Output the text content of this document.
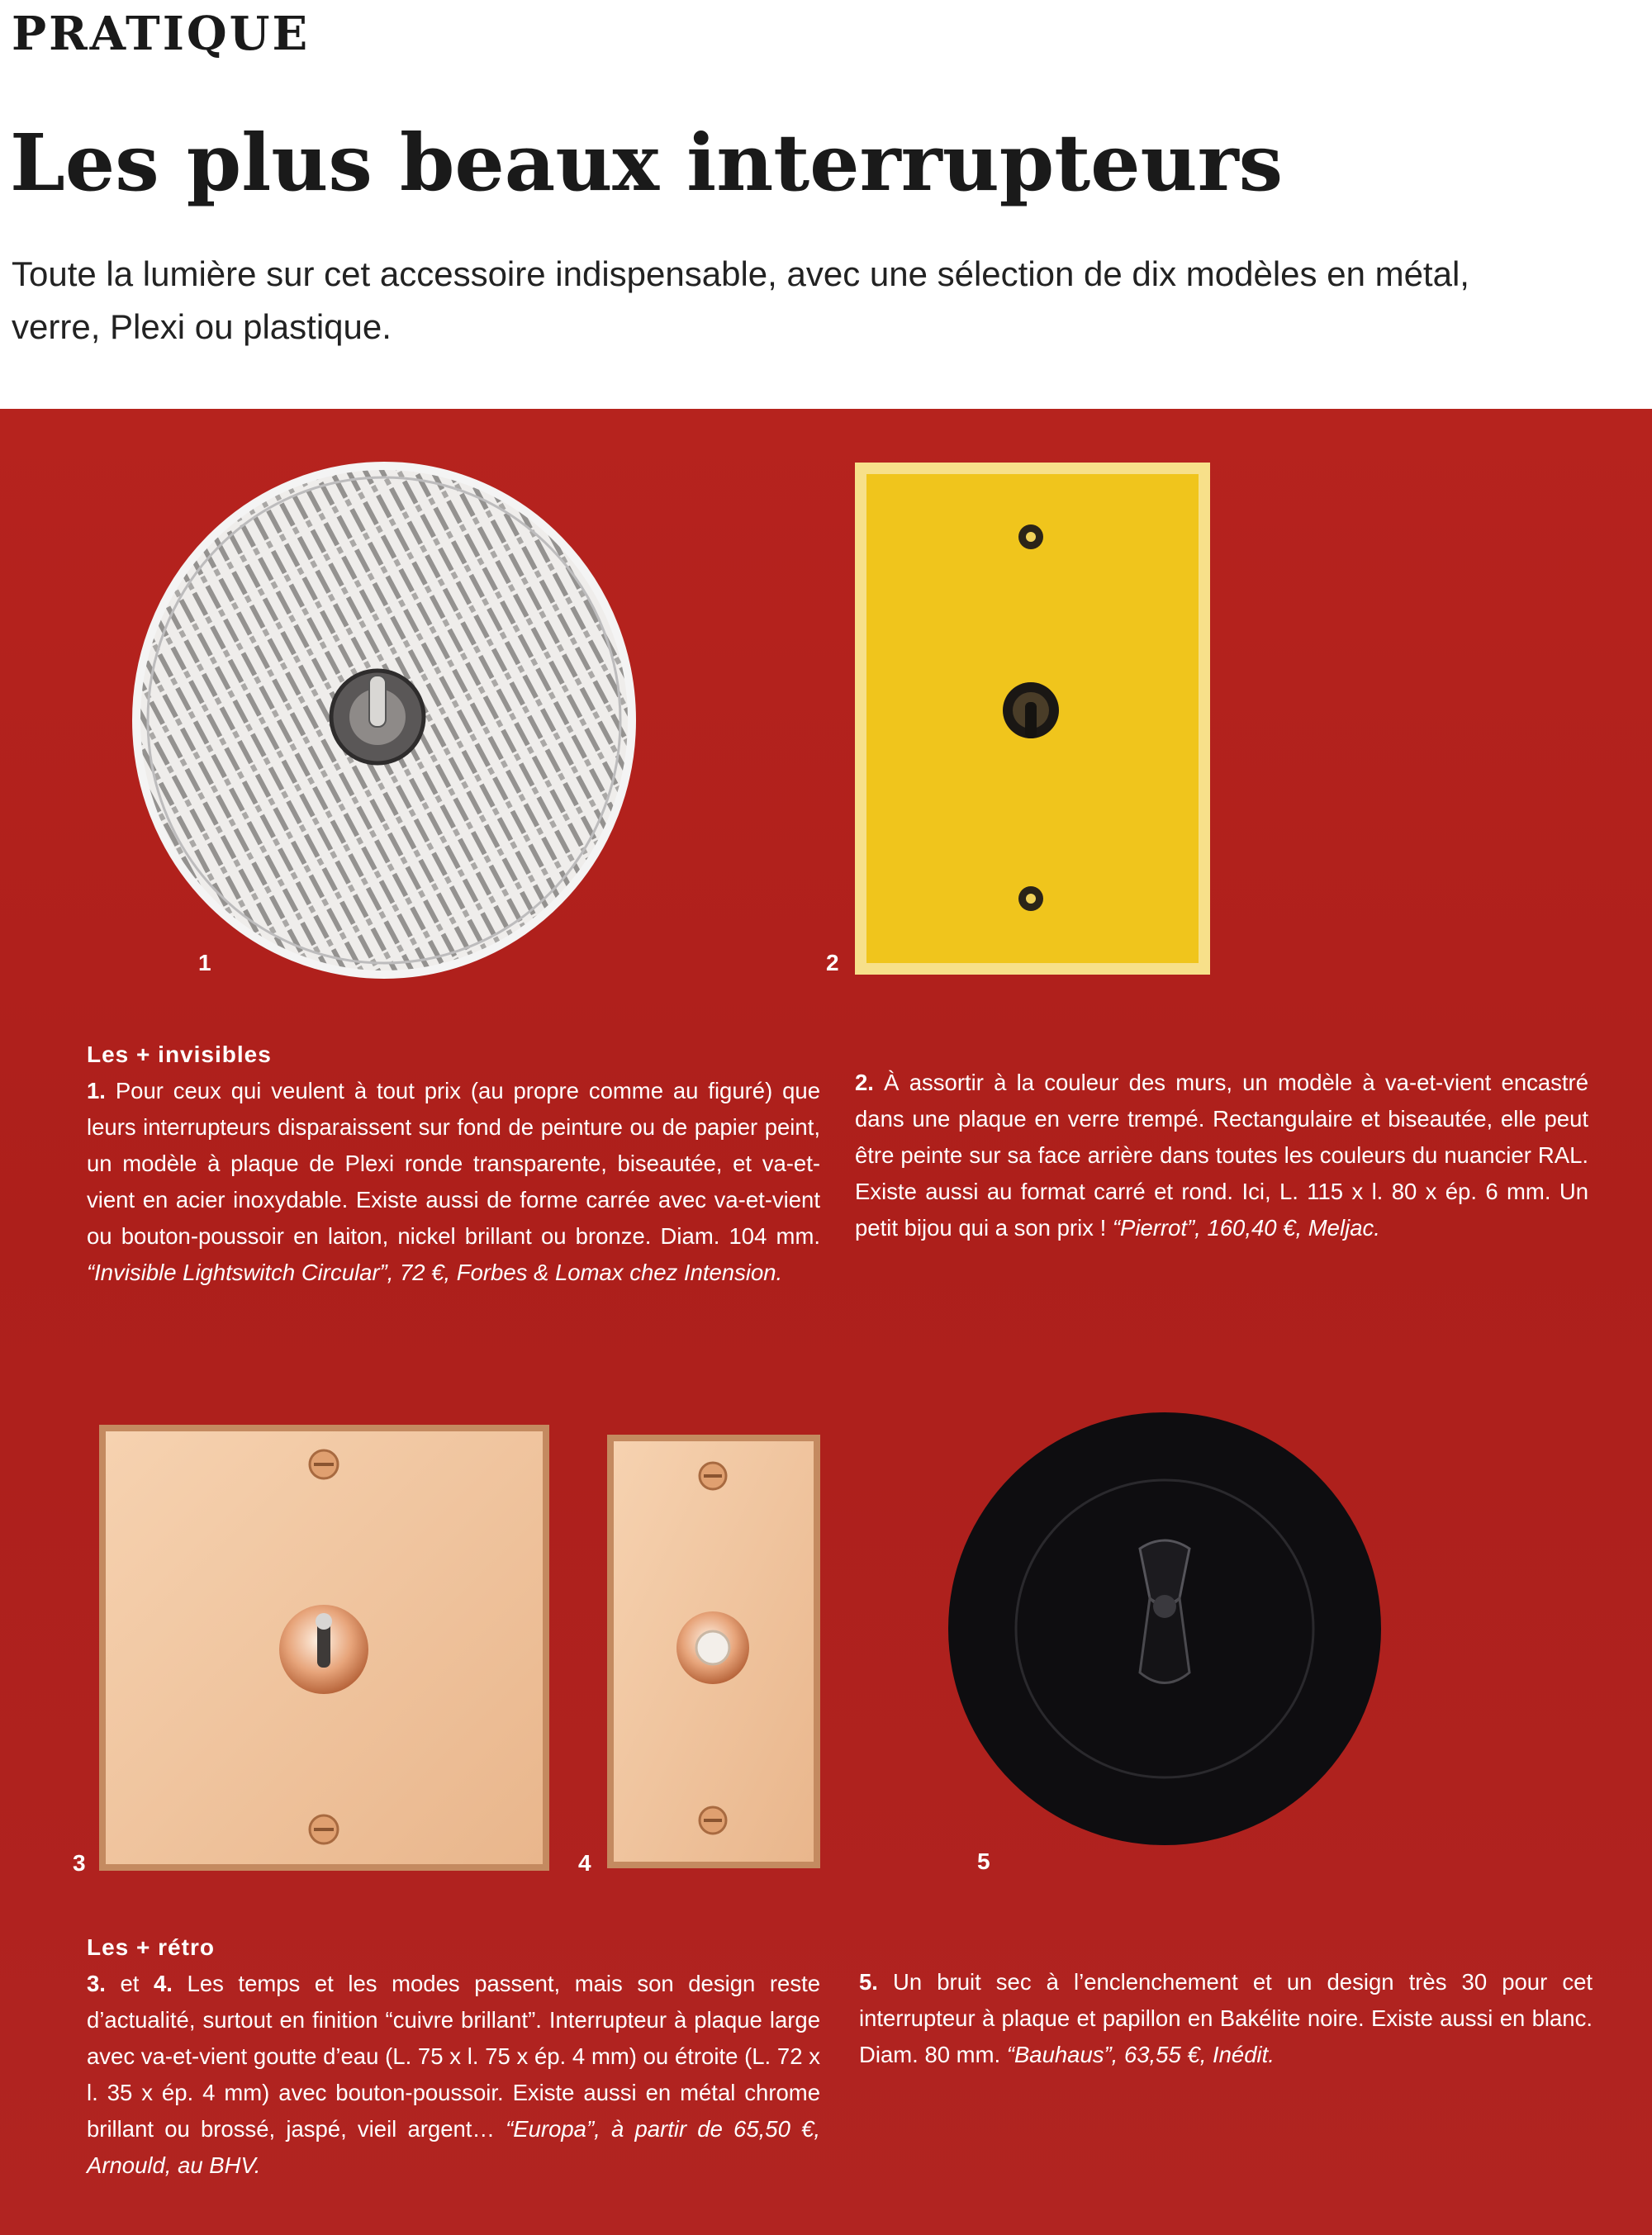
PRATIQUE
Les plus beaux interrupteurs
Toute la lumière sur cet accessoire indispensable, avec une sélection de dix modèles en métal, verre, Plexi ou plastique.
1	2
Les + invisibles
1. Pour ceux qui veulent à tout prix (au propre comme au figuré) que leurs interrupteurs disparaissent sur fond de peinture ou de papier peint, un modèle à plaque de Plexi ronde transparente, biseautée, et va-et-vient en acier inoxydable. Existe aussi de forme carrée avec va-et-vient ou bouton-poussoir en laiton, nickel brillant ou bronze. Diam. 104 mm. “Invisible Lightswitch Circular”, 72 €, Forbes & Lomax chez Intension.
2. À assortir à la couleur des murs, un modèle à va-et-vient encastré dans une plaque en verre trempé. Rectangulaire et biseautée, elle peut être peinte sur sa face arrière dans toutes les couleurs du nuancier RAL. Existe aussi au format carré et rond. Ici, L. 115 x l. 80 x ép. 6 mm. Un petit bijou qui a son prix ! “Pierrot”, 160,40 €, Meljac.
3	4	5
Les + rétro
3. et 4. Les temps et les modes passent, mais son design reste d’actualité, surtout en finition “cuivre brillant”. Interrupteur à plaque large avec va-et-vient goutte d’eau (L. 75 x l. 75 x ép. 4 mm) ou étroite (L. 72 x l. 35 x ép. 4 mm) avec bouton-poussoir. Existe aussi en métal chrome brillant ou brossé, jaspé, vieil argent… “Europa”, à partir de 65,50 €, Arnould, au BHV.
5. Un bruit sec à l’enclenchement et un design très 30 pour cet interrupteur à plaque et papillon en Bakélite noire. Existe aussi en blanc. Diam. 80 mm. “Bauhaus”, 63,55 €, Inédit.
